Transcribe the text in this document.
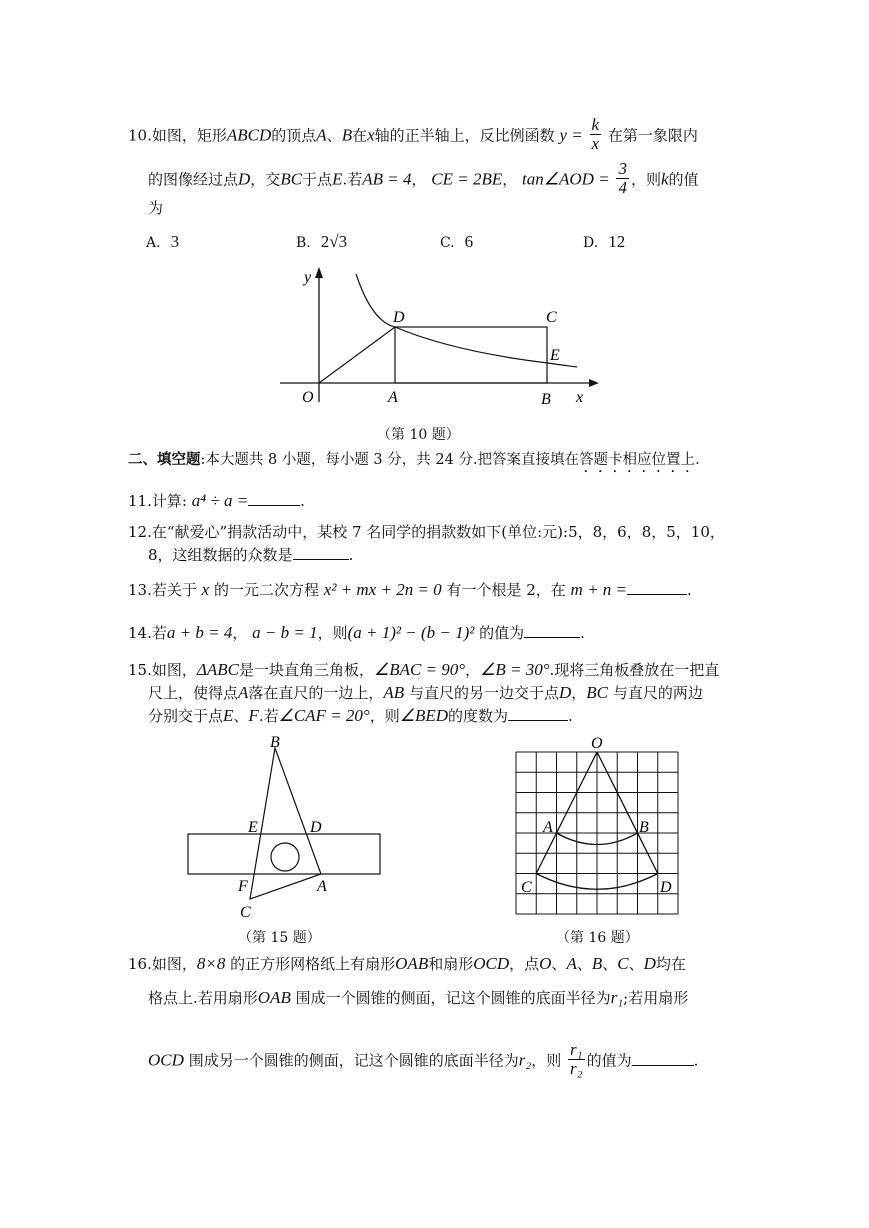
10.如图，矩形ABCD的顶点A、B在x轴的正半轴上，反比例函数 $y = \frac{k}{x}$ 在第一象限内
的图像经过点D，交BC于点E.若AB = 4， CE = 2BE， tan∠AOD = $\frac{3}{4}$ ，则k的值
为
A. 3	B. 2√3	C. 6	D. 12
y
x
O	A	B
C
D
E
（第 10 题）
二、填空题:本大题共 8 小题，每小题 3 分，共 24 分.把答案直接填在答题卡相应位置上.
11.计算: a⁴ ÷ a =	.
12.在“献爱心”捐款活动中，某校 7 名同学的捐款数如下(单位:元):5，8，6，8，5，10，
8，这组数据的众数是	.
13.若关于 x 的一元二次方程 x² + mx + 2n = 0 有一个根是 2，在 m + n =	.
14.若a + b = 4， a − b = 1，则(a + 1)² − (b − 1)² 的值为	.
15.如图，ΔABC是一块直角三角板，∠BAC = 90°，∠B = 30°.现将三角板叠放在一把直
尺上，使得点A落在直尺的一边上，AB 与直尺的另一边交于点D，BC 与直尺的两边
分别交于点E、F.若∠CAF = 20°，则∠BED的度数为	.
B
E	D
F	A
C
（第 15 题）
O
A	B
C	D
（第 16 题）
16.如图，8×8 的正方形网格纸上有扇形OAB和扇形OCD，点O、A、B、C、D均在
格点上.若用扇形OAB 围成一个圆锥的侧面，记这个圆锥的底面半径为r₁;若用扇形
OCD 围成另一个圆锥的侧面，记这个圆锥的底面半径为r₂，则 $\frac{\text{r₁}}{\text{r₂}}$ 的值为	.
